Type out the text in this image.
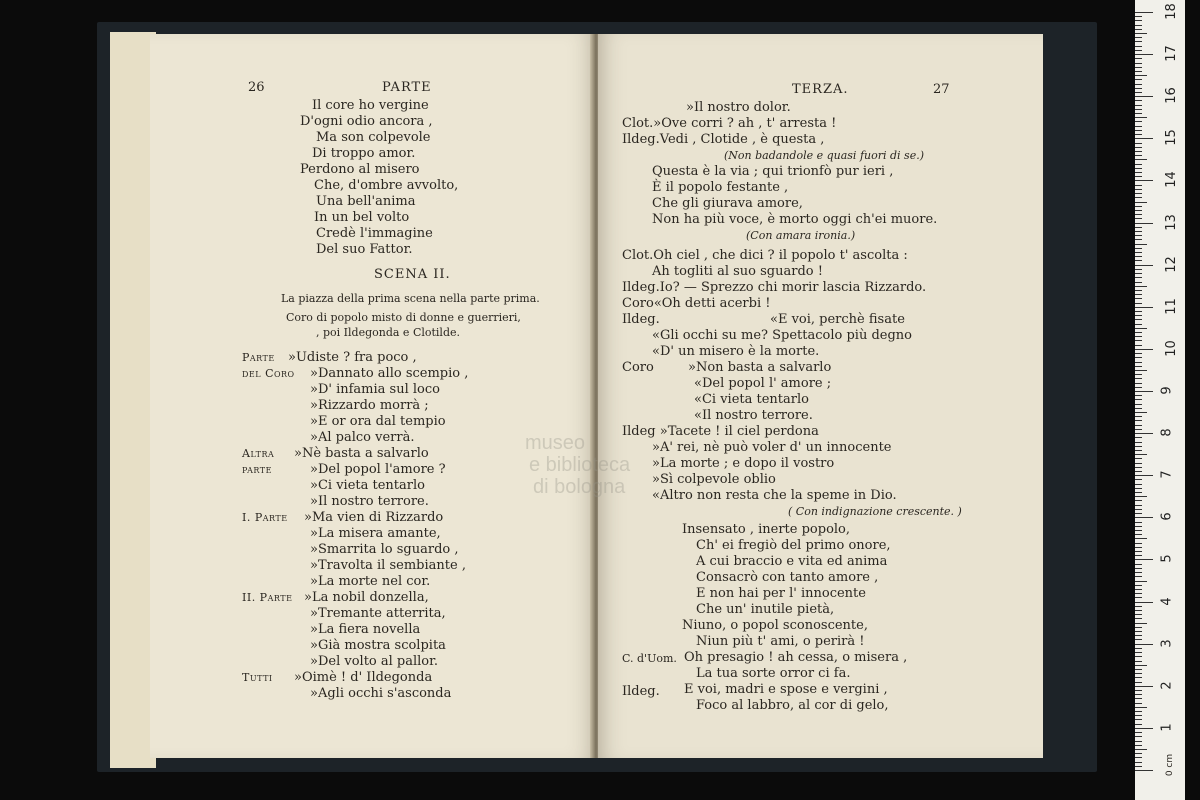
26	PARTE
Il core ho vergine
D'ogni odio ancora ,
Ma son colpevole
Di troppo amor.
Perdono al misero
Che, d'ombre avvolto,
Una bell'anima
In un bel volto
Credè l'immagine
Del suo Fattor.
SCENA II.
La piazza della prima scena nella parte prima.
Coro di popolo misto di donne e guerrieri,
, poi Ildegonda e Clotilde.
Parte »Udiste ? fra poco ,
del Coro »Dannato allo scempio ,
»D' infamia sul loco
»Rizzardo morrà ;
»E or ora dal tempio
»Al palco verrà.
Altra »Nè basta a salvarlo
parte	»Del popol l'amore ?
»Ci vieta tentarlo
»Il nostro terrore.
I. Parte »Ma vien di Rizzardo
»La misera amante,
»Smarrita lo sguardo ,
»Travolta il sembiante ,
»La morte nel cor.
II. Parte »La nobil donzella,
»Tremante atterrita,
»La fiera novella
»Già mostra scolpita
»Del volto al pallor.
Tutti »Oimè ! d' Ildegonda
»Agli occhi s'asconda
TERZA.	27
»Il nostro dolor.
Clot.»Ove corri ? ah , t' arresta !
Ildeg.Vedi , Clotide , è questa ,
(Non badandole e quasi fuori di se.)
Questa è la via ; qui trionfò pur ieri ,
È il popolo festante ,
Che gli giurava amore,
Non ha più voce, è morto oggi ch'ei muore.
(Con amara ironia.)
Clot.Oh ciel , che dici ? il popolo t' ascolta :
Ah togliti al suo sguardo !
Ildeg.Io? — Sprezzo chi morir lascia Rizzardo.
Coro«Oh detti acerbi !
Ildeg.	«E voi, perchè fisate
«Gli occhi su me? Spettacolo più degno
«D' un misero è la morte.
Coro	»Non basta a salvarlo
«Del popol l' amore ;
«Ci vieta tentarlo
«Il nostro terrore.
Ildeg »Tacete ! il ciel perdona
»A' rei, nè può voler d' un innocente
»La morte ; e dopo il vostro
»Sì colpevole oblio
«Altro non resta che la speme in Dio.
( Con indignazione crescente. )
Insensato , inerte popolo,
Ch' ei fregiò del primo onore,
A cui braccio e vita ed anima
Consacrò con tanto amore ,
E non hai per l' innocente
Che un' inutile pietà,
Niuno, o popol sconoscente,
Niun più t' ami, o perirà !
C. d'Uom. Oh presagio ! ah cessa, o misera ,
La tua sorte orror ci fa.
Ildeg. E voi, madri e spose e vergini ,
Foco al labbro, al cor di gelo,
museo
e biblioteca
di bologna
1
2
3
4
5
6
7
8
9
10
11
12
13
14
15
16
17
18
0 cm
